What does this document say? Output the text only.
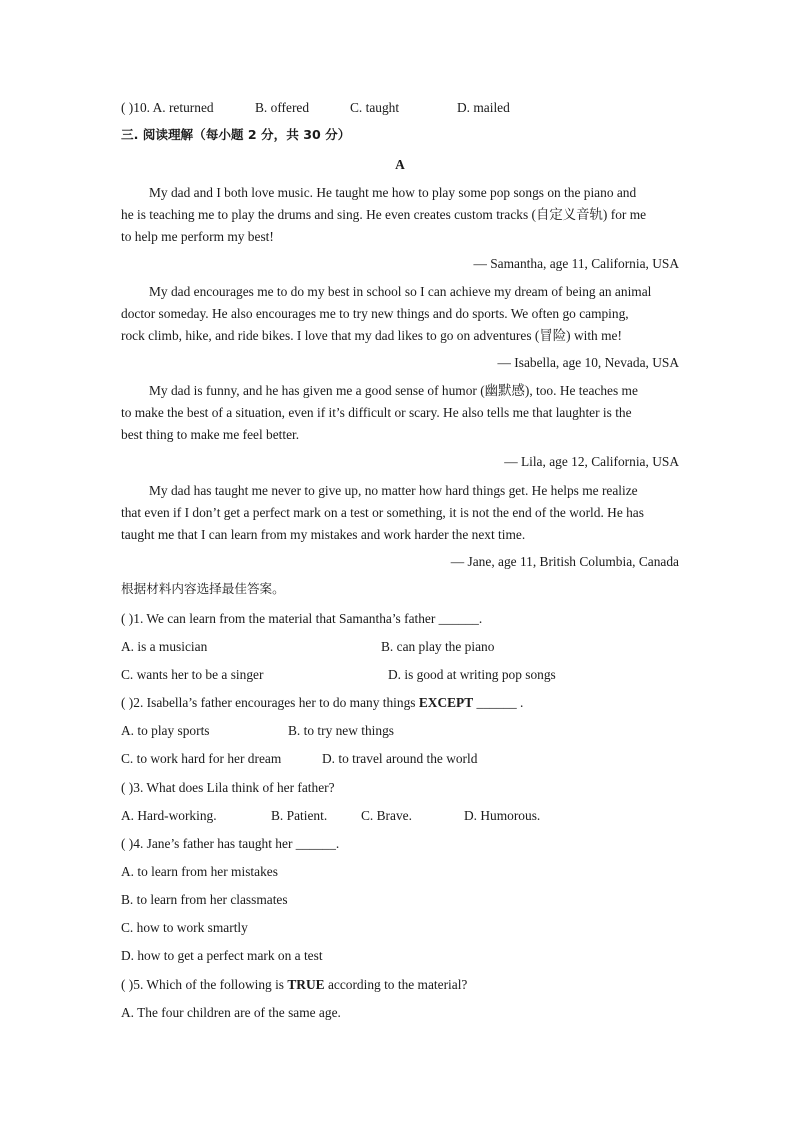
( )10. A. returned	B. offered	C. taught	D. mailed
三. 阅读理解（每小题 2 分，共 30 分）
A
My dad and I both love music. He taught me how to play some pop songs on the piano and
he is teaching me to play the drums and sing. He even creates custom tracks (自定义音轨) for me
to help me perform my best!
— Samantha, age 11, California, USA
My dad encourages me to do my best in school so I can achieve my dream of being an animal
doctor someday. He also encourages me to try new things and do sports. We often go camping,
rock climb, hike, and ride bikes. I love that my dad likes to go on adventures (冒险) with me!
— Isabella, age 10, Nevada, USA
My dad is funny, and he has given me a good sense of humor (幽默感), too. He teaches me
to make the best of a situation, even if it’s difficult or scary. He also tells me that laughter is the
best thing to make me feel better.
— Lila, age 12, California, USA
My dad has taught me never to give up, no matter how hard things get. He helps me realize
that even if I don’t get a perfect mark on a test or something, it is not the end of the world. He has
taught me that I can learn from my mistakes and work harder the next time.
— Jane, age 11, British Columbia, Canada
根据材料内容选择最佳答案。
( )1. We can learn from the material that Samantha’s father ______.
A. is a musician	B. can play the piano
C. wants her to be a singer	D. is good at writing pop songs
( )2. Isabella’s father encourages her to do many things EXCEPT ______ .
A. to play sports	B. to try new things
C. to work hard for her dream	D. to travel around the world
( )3. What does Lila think of her father?
A. Hard-working.	B. Patient.	C. Brave.	D. Humorous.
( )4. Jane’s father has taught her ______.
A. to learn from her mistakes
B. to learn from her classmates
C. how to work smartly
D. how to get a perfect mark on a test
( )5. Which of the following is TRUE according to the material?
A. The four children are of the same age.
